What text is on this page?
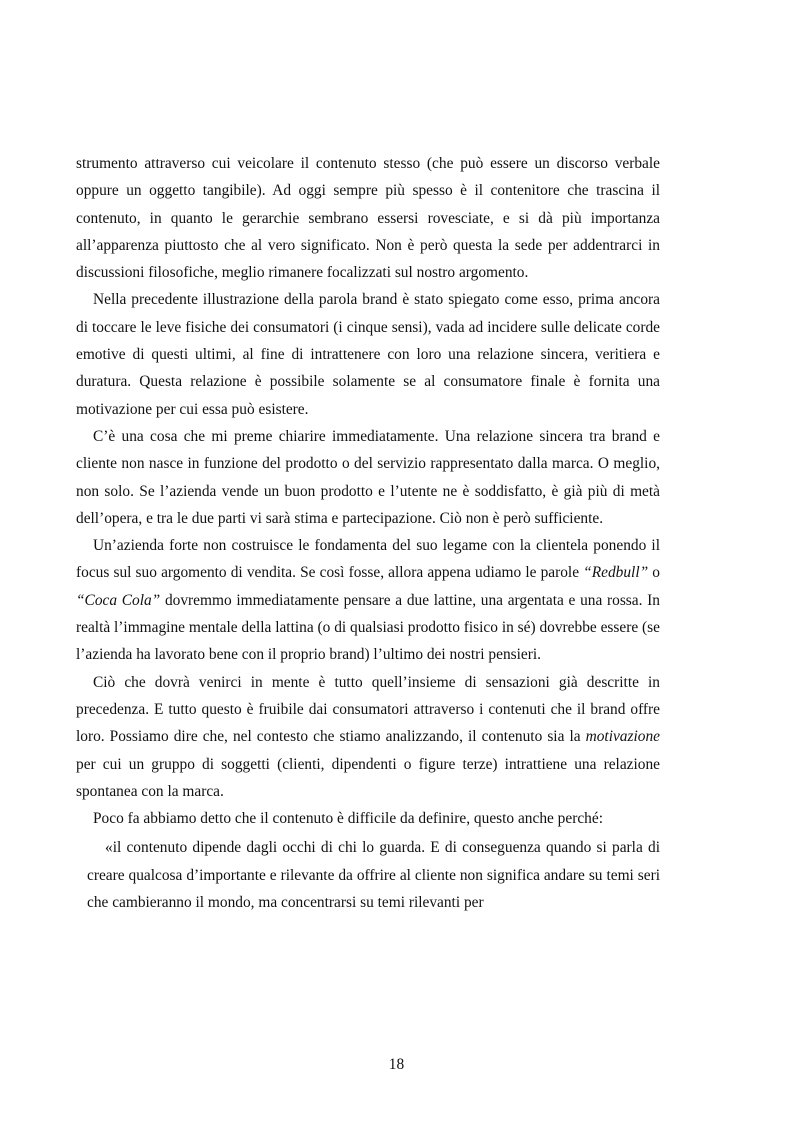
strumento attraverso cui veicolare il contenuto stesso (che può essere un discorso verbale oppure un oggetto tangibile). Ad oggi sempre più spesso è il contenitore che trascina il contenuto, in quanto le gerarchie sembrano essersi rovesciate, e si dà più importanza all’apparenza piuttosto che al vero significato. Non è però questa la sede per addentrarci in discussioni filosofiche, meglio rimanere focalizzati sul nostro argomento.

Nella precedente illustrazione della parola brand è stato spiegato come esso, prima ancora di toccare le leve fisiche dei consumatori (i cinque sensi), vada ad incidere sulle delicate corde emotive di questi ultimi, al fine di intrattenere con loro una relazione sincera, veritiera e duratura. Questa relazione è possibile solamente se al consumatore finale è fornita una motivazione per cui essa può esistere.

C’è una cosa che mi preme chiarire immediatamente. Una relazione sincera tra brand e cliente non nasce in funzione del prodotto o del servizio rappresentato dalla marca. O meglio, non solo. Se l’azienda vende un buon prodotto e l’utente ne è soddisfatto, è già più di metà dell’opera, e tra le due parti vi sarà stima e partecipazione. Ciò non è però sufficiente.

Un’azienda forte non costruisce le fondamenta del suo legame con la clientela ponendo il focus sul suo argomento di vendita. Se così fosse, allora appena udiamo le parole “Redbull” o “Coca Cola” dovremmo immediatamente pensare a due lattine, una argentata e una rossa. In realtà l’immagine mentale della lattina (o di qualsiasi prodotto fisico in sé) dovrebbe essere (se l’azienda ha lavorato bene con il proprio brand) l’ultimo dei nostri pensieri.

Ciò che dovrà venirci in mente è tutto quell’insieme di sensazioni già descritte in precedenza. E tutto questo è fruibile dai consumatori attraverso i contenuti che il brand offre loro. Possiamo dire che, nel contesto che stiamo analizzando, il contenuto sia la motivazione per cui un gruppo di soggetti (clienti, dipendenti o figure terze) intrattiene una relazione spontanea con la marca.

Poco fa abbiamo detto che il contenuto è difficile da definire, questo anche perché:

«il contenuto dipende dagli occhi di chi lo guarda. E di conseguenza quando si parla di creare qualcosa d’importante e rilevante da offrire al cliente non significa andare su temi seri che cambieranno il mondo, ma concentrarsi su temi rilevanti per

18
